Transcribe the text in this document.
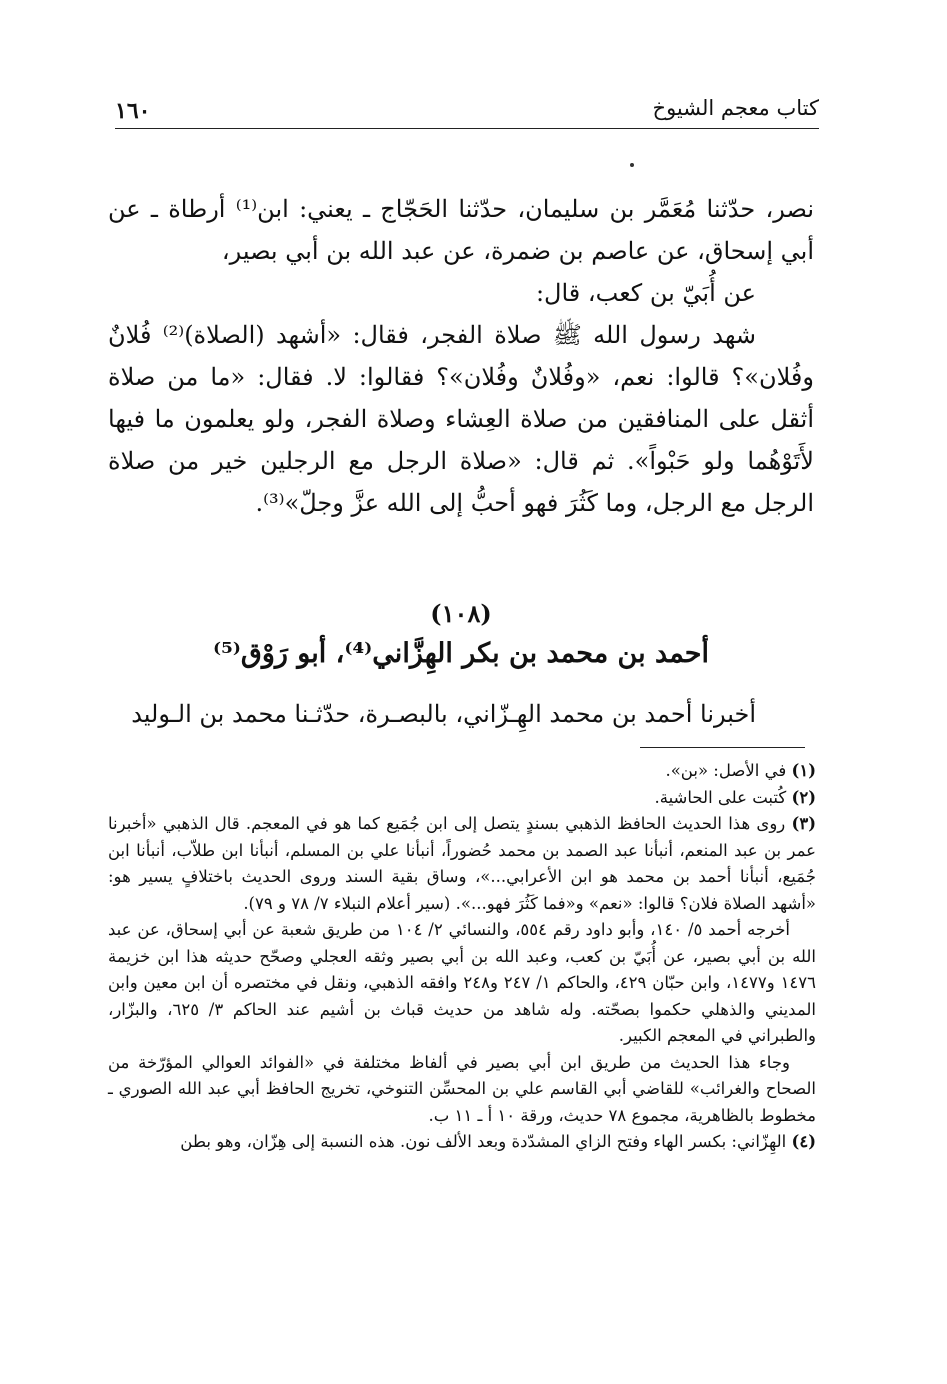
كتاب معجم الشيوخ
١٦٠

نصر، حدّثنا مُعَمَّر بن سليمان، حدّثنا الحَجّاج ـ يعني: ابن⁽¹⁾ أرطاة ـ عن أبي إسحاق، عن عاصم بن ضمرة، عن عبد الله بن أبي بصير،

عن أُبَيّ بن كعب، قال:

شهد رسول الله ﷺ صلاة الفجر، فقال: «أشهد (الصلاة)⁽²⁾ فُلانٌ وفُلان»؟ قالوا: نعم، «وفُلانٌ وفُلان»؟ فقالوا: لا. فقال: «ما من صلاة أثقل على المنافقين من صلاة العِشاء وصلاة الفجر، ولو يعلمون ما فيها لأَتَوْهُما ولو حَبْواً». ثم قال: «صلاة الرجل مع الرجلين خير من صلاة الرجل مع الرجل، وما كَثُرَ فهو أحبُّ إلى الله عزَّ وجلّ»⁽³⁾.

(١٠٨)
أحمد بن محمد بن بكر الهِزَّاني⁽⁴⁾، أبو رَوْق⁽⁵⁾
أخبرنا أحمد بن محمد الهِـزّاني، بالبصـرة، حدّثـنا محمد بن الـوليد

(١) في الأصل: «بن».

(٢) كُتبت على الحاشية.

(٣) روى هذا الحديث الحافظ الذهبي بسندٍ يتصل إلى ابن جُمَيع كما هو في المعجم. قال الذهبي «أخبرنا عمر بن عبد المنعم، أنبأنا عبد الصمد بن محمد حُضوراً، أنبأنا علي بن المسلم، أنبأنا ابن طلاّب، أنبأنا ابن جُمَيع، أنبأنا أحمد بن محمد هو ابن الأعرابي...»، وساق بقية السند وروى الحديث باختلافٍ يسير هو: «أشهد الصلاة فلان؟ قالوا: «نعم» و«فما كَثُرَ فهو...». (سير أعلام النبلاء ٧/ ٧٨ و ٧٩).

أخرجه أحمد ٥/ ١٤٠، وأبو داود رقم ٥٥٤، والنسائي ٢/ ١٠٤ من طريق شعبة عن أبي إسحاق، عن عبد الله بن أبي بصير، عن أُبَيّ بن كعب، وعبد الله بن أبي بصير وثقه العجلي وصحّح حديثه هذا ابن خزيمة ١٤٧٦ و١٤٧٧، وابن حبّان ٤٢٩، والحاكم ١/ ٢٤٧ و٢٤٨ وافقه الذهبي، ونقل في مختصره أن ابن معين وابن المديني والذهلي حكموا بصحّته. وله شاهد من حديث قباث بن أشيم عند الحاكم ٣/ ٦٢٥، والبزّار، والطبراني في المعجم الكبير.

وجاء هذا الحديث من طريق ابن أبي بصير في ألفاظ مختلفة في «الفوائد العوالي المؤرّخة من الصحاح والغرائب» للقاضي أبي القاسم علي بن المحسِّن التنوخي، تخريج الحافظ أبي عبد الله الصوري ـ مخطوط بالظاهرية، مجموع ٧٨ حديث، ورقة ١٠ أ ـ ١١ ب.

(٤) الهِزّاني: بكسر الهاء وفتح الزاي المشدّدة وبعد الألف نون. هذه النسبة إلى هِزّان، وهو بطن
